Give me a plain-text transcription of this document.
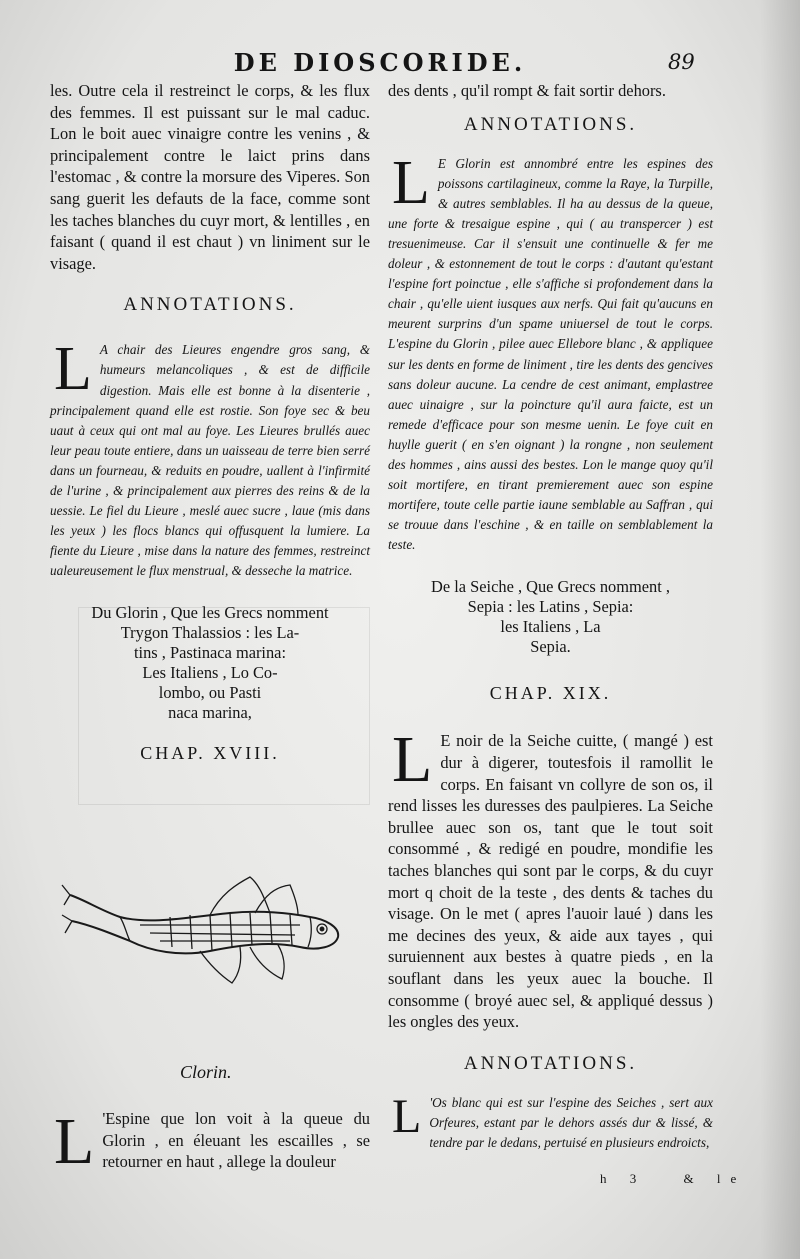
DE DIOSCORIDE.	89

les. Outre cela il restreinct le corps, & les flux des femmes. Il est puissant sur le mal caduc. Lon le boit auec vinaigre contre les venins , & principalement contre le laict prins dans l'estomac , & contre la morsure des Viperes. Son sang guerit les defauts de la face, comme sont les taches blanches du cuyr mort, & lentilles , en faisant ( quand il est chaut ) vn liniment sur le visage.

ANNOTATIONS.
L A chair des Lieures engendre gros sang, & humeurs melancoliques , & est de difficile digestion. Mais elle est bonne à la disenterie , principalement quand elle est rostie. Son foye sec & beu uaut à ceux qui ont mal au foye. Les Lieures brullés auec leur peau toute entiere, dans un uaisseau de terre bien serré dans un fourneau, & reduits en poudre, uallent à l'infirmité de l'urine , & principalement aux pierres des reins & de la uessie. Le fiel du Lieure , meslé auec sucre , laue (mis dans les yeux ) les flocs blancs qui offusquent la lumiere. La fiente du Lieure , mise dans la nature des femmes, restreinct ualeureusement le flux menstrual, & desseche la matrice.

Du Glorin , Que les Grecs nomment
Trygon Thalassios : les La-
tins , Pastinaca marina:
Les Italiens , Lo Co-
lombo, ou Pasti
naca marina,
CHAP. XVIII.
Clorin.
L 'Espine que lon voit à la queue du Glorin , en éleuant les escailles , se retourner en haut , allege la douleur

des dents , qu'il rompt & fait sortir dehors.

ANNOTATIONS.
L E Glorin est annombré entre les espines des poissons cartilagineux, comme la Raye, la Turpille, & autres semblables. Il ha au dessus de la queue, une forte & tresaigue espine , qui ( au transpercer ) est tresuenimeuse. Car il s'ensuit une continuelle & fer me doleur , & estonnement de tout le corps : d'autant qu'estant l'espine fort poinctue , elle s'affiche si profondement dans la chair , qu'elle uient iusques aux nerfs. Qui fait qu'aucuns en meurent surprins d'un spame uniuersel de tout le corps. L'espine du Glorin , pilee auec Ellebore blanc , & appliquee sur les dents en forme de liniment , tire les dents des gencives sans doleur aucune. La cendre de cest animant, emplastree auec uinaigre , sur la poincture qu'il aura faicte, est un remede d'efficace pour son mesme uenin. Le foye cuit en huylle guerit ( en s'en oignant ) la rongne , non seulement des hommes , ains aussi des bestes. Lon le mange quoy qu'il soit mortifere, en tirant premierement auec son espine mortifere, toute celle partie iaune semblable au Saffran , qui se trouue dans l'eschine , & en taille on semblablement la teste.

De la Seiche , Que Grecs nomment ,
Sepia : les Latins , Sepia:
les Italiens , La
Sepia.
CHAP. XIX.
L E noir de la Seiche cuitte, ( mangé ) est dur à digerer, toutesfois il ramollit le corps. En faisant vn collyre de son os, il rend lisses les duresses des paulpieres. La Seiche brullee auec son os, tant que le tout soit consommé , & redigé en poudre, mondifie les taches blanches qui sont par le corps, & du cuyr mort q choit de la teste , des dents & taches du visage. On le met ( apres l'auoir laué ) dans les me decines des yeux, & aide aux tayes , qui suruiennent aux bestes à quatre pieds , en la souflant dans les yeux auec la bouche. Il consomme ( broyé auec sel, & appliqué dessus ) les ongles des yeux.

ANNOTATIONS.
L 'Os blanc qui est sur l'espine des Seiches , sert aux Orfeures, estant par le dehors assés dur & lissé, & tendre par le dedans, pertuisé en plusieurs endroicts,

h 3	& le
